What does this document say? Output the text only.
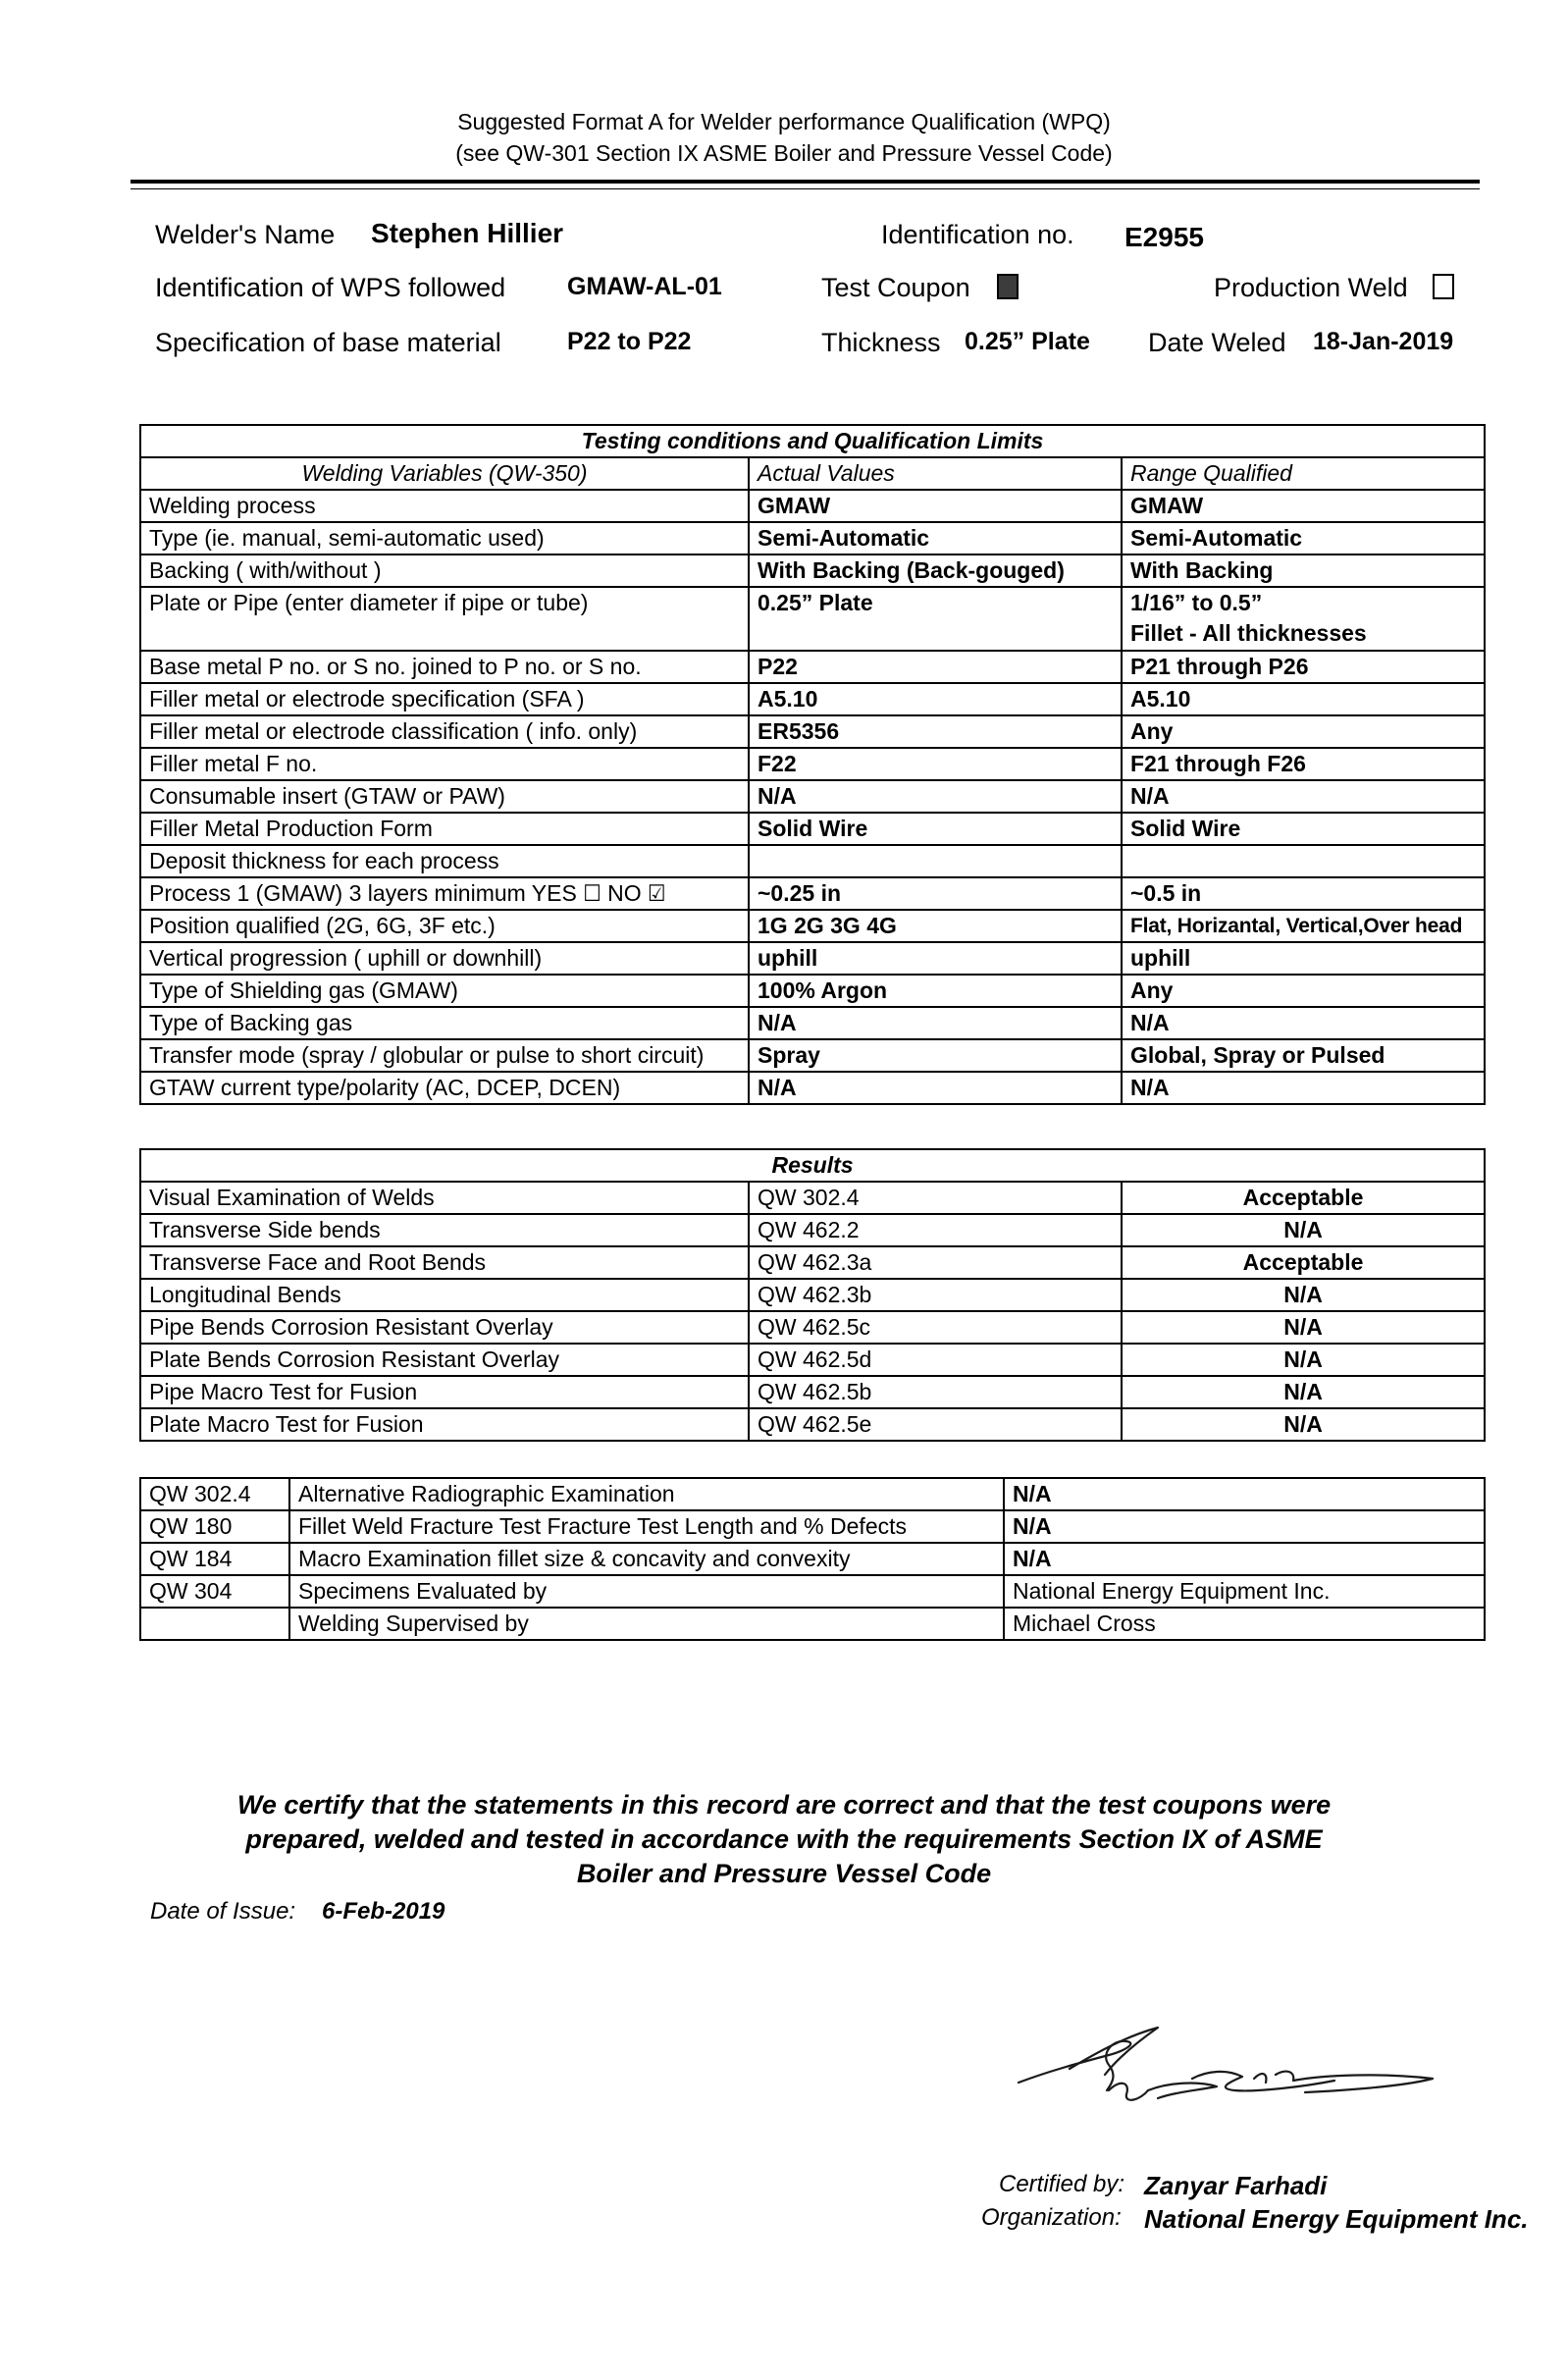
Suggested Format A for Welder performance Qualification (WPQ)
(see QW-301 Section IX ASME Boiler and Pressure Vessel Code)
Welder's Name Stephen Hillier	Identification no. E2955
Identification of WPS followed	GMAW-AL-01	Test Coupon	Production Weld
Specification of base material	P22 to P22	Thickness 0.25” Plate Date Weled 18-Jan-2019
Testing conditions and Qualification Limits		
Welding Variables (QW-350)	Actual Values	Range Qualified
Welding process	GMAW	GMAW
Type (ie. manual, semi-automatic used)	Semi-Automatic	Semi-Automatic
Backing ( with/without )	With Backing (Back-gouged)	With Backing
Plate or Pipe (enter diameter if pipe or tube)	0.25” Plate	1/16” to 0.5”
Fillet - All thicknesses

Base metal P no. or S no. joined to P no. or S no.	P22	P21 through P26
Filler metal or electrode specification (SFA )	A5.10	A5.10
Filler metal or electrode classification ( info. only)	ER5356	Any
Filler metal F no.	F22	F21 through F26
Consumable insert (GTAW or PAW)	N/A	N/A
Filler Metal Production Form	Solid Wire	Solid Wire
Deposit thickness for each process		
Process 1 (GMAW) 3 layers minimum YES ☐ NO ☑	~0.25 in	~0.5 in
Position qualified (2G, 6G, 3F etc.)	1G 2G 3G 4G	Flat, Horizantal, Vertical,Over head
Vertical progression ( uphill or downhill)	uphill	uphill
Type of Shielding gas (GMAW)	100% Argon	Any
Type of Backing gas	N/A	N/A
Transfer mode (spray / globular or pulse to short circuit)	Spray	Global, Spray or Pulsed
GTAW current type/polarity (AC, DCEP, DCEN)	N/A	N/A
Results		
Visual Examination of Welds	QW 302.4	Acceptable
Transverse Side bends	QW 462.2	N/A
Transverse Face and Root Bends	QW 462.3a	Acceptable
Longitudinal Bends	QW 462.3b	N/A
Pipe Bends Corrosion Resistant Overlay	QW 462.5c	N/A
Plate Bends Corrosion Resistant Overlay	QW 462.5d	N/A
Pipe Macro Test for Fusion	QW 462.5b	N/A
Plate Macro Test for Fusion	QW 462.5e	N/A
QW 302.4	Alternative Radiographic Examination	N/A
QW 180	Fillet Weld Fracture Test Fracture Test Length and % Defects	N/A
QW 184	Macro Examination fillet size & concavity and convexity	N/A
QW 304	Specimens Evaluated by	National Energy Equipment Inc.
	Welding Supervised by	Michael Cross
We certify that the statements in this record are correct and that the test coupons were
prepared, welded and tested in accordance with the requirements Section IX of ASME
Boiler and Pressure Vessel Code
Date of Issue: 6-Feb-2019
Certified by: Zanyar Farhadi
Organization: National Energy Equipment Inc.
